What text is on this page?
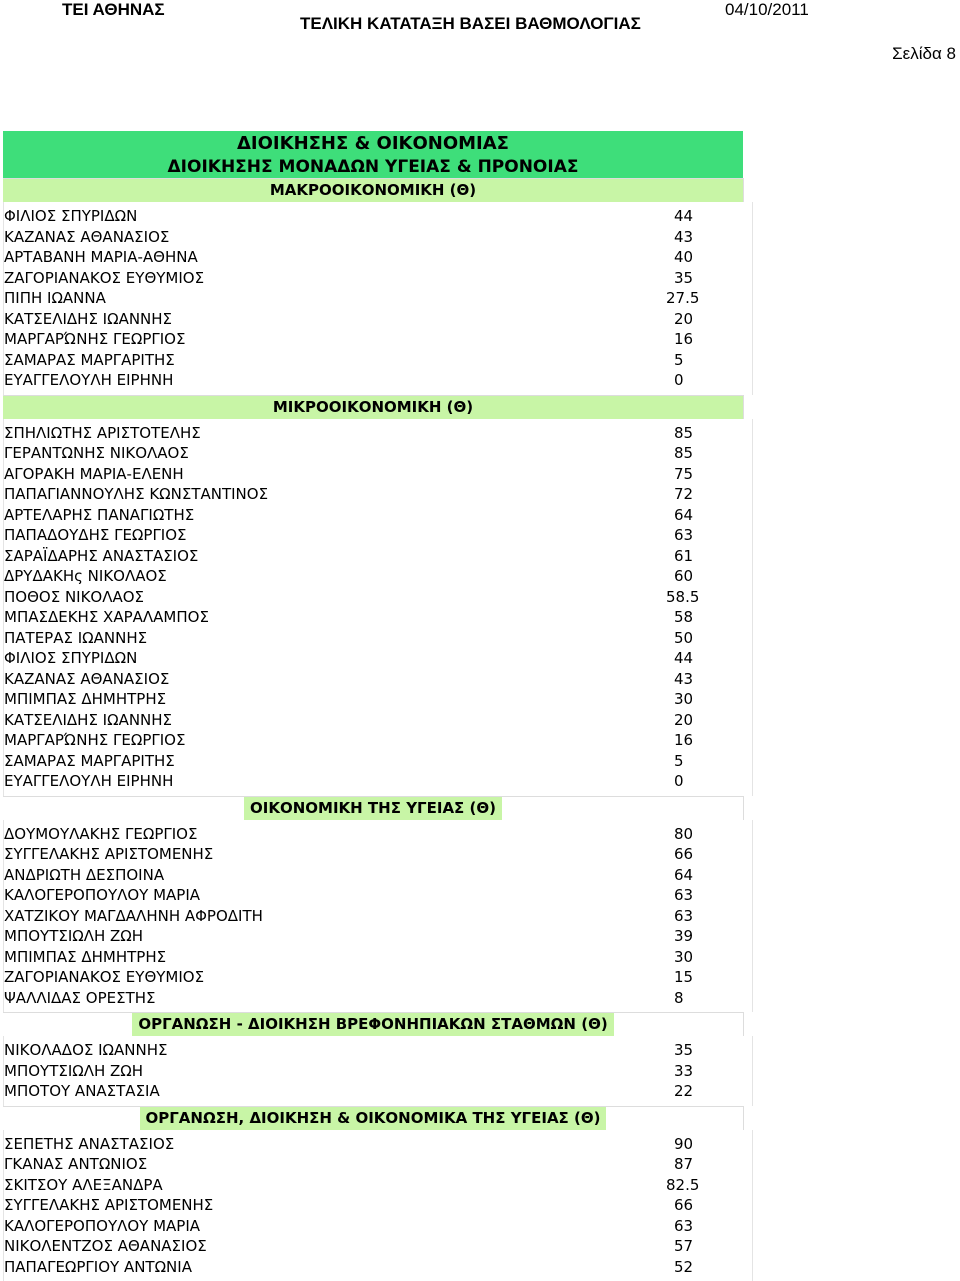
ΤΕΙ ΑΘΗΝΑΣ
ΤΕΛΙΚΗ ΚΑΤΑΤΑΞΗ ΒΑΣΕΙ ΒΑΘΜΟΛΟΓΙΑΣ
04/10/2011
Σελίδα 8
ΔΙΟΙΚΗΣΗΣ & ΟΙΚΟΝΟΜΙΑΣ
ΔΙΟΙΚΗΣΗΣ ΜΟΝΑΔΩΝ ΥΓΕΙΑΣ & ΠΡΟΝΟΙΑΣ
ΜΑΚΡΟΟΙΚΟΝΟΜΙΚΗ (Θ)
ΦΙΛΙΟΣ ΣΠΥΡΙΔΩΝ	44
ΚΑΖΑΝΑΣ ΑΘΑΝΑΣΙΟΣ	43
ΑΡΤΑΒΑΝΗ ΜΑΡΙΑ-ΑΘΗΝΑ	40
ΖΑΓΟΡΙΑΝΑΚΟΣ ΕΥΘΥΜΙΟΣ	35
ΠΙΠΗ ΙΩΑΝΝΑ	27.5
ΚΑΤΣΕΛΙΔΗΣ ΙΩΑΝΝΗΣ	20
ΜΑΡΓΑΡΏΝΗΣ ΓΕΩΡΓΙΟΣ	16
ΣΑΜΑΡΑΣ ΜΑΡΓΑΡΙΤΗΣ	5
ΕΥΑΓΓΕΛΟΥΛΗ ΕΙΡΗΝΗ	0
ΜΙΚΡΟΟΙΚΟΝΟΜΙΚΗ (Θ)
ΣΠΗΛΙΩΤΗΣ ΑΡΙΣΤΟΤΕΛΗΣ	85
ΓΕΡΑΝΤΩΝΗΣ ΝΙΚΟΛΑΟΣ	85
ΑΓΟΡΑΚΗ ΜΑΡΙΑ-ΕΛΕΝΗ	75
ΠΑΠΑΓΙΑΝΝΟΥΛΗΣ ΚΩΝΣΤΑΝΤΙΝΟΣ	72
ΑΡΤΕΛΑΡΗΣ ΠΑΝΑΓΙΩΤΗΣ	64
ΠΑΠΑΔΟΥΔΗΣ ΓΕΩΡΓΙΟΣ	63
ΣΑΡΑΪΔΑΡΗΣ ΑΝΑΣΤΑΣΙΟΣ	61
ΔΡΥΔΑΚΗς ΝΙΚΟΛΑΟΣ	60
ΠΟΘΟΣ ΝΙΚΟΛΑΟΣ	58.5
ΜΠΑΣΔΕΚΗΣ ΧΑΡΑΛΑΜΠΟΣ	58
ΠΑΤΕΡΑΣ ΙΩΑΝΝΗΣ	50
ΦΙΛΙΟΣ ΣΠΥΡΙΔΩΝ	44
ΚΑΖΑΝΑΣ ΑΘΑΝΑΣΙΟΣ	43
ΜΠΙΜΠΑΣ ΔΗΜΗΤΡΗΣ	30
ΚΑΤΣΕΛΙΔΗΣ ΙΩΑΝΝΗΣ	20
ΜΑΡΓΑΡΏΝΗΣ ΓΕΩΡΓΙΟΣ	16
ΣΑΜΑΡΑΣ ΜΑΡΓΑΡΙΤΗΣ	5
ΕΥΑΓΓΕΛΟΥΛΗ ΕΙΡΗΝΗ	0
ΟΙΚΟΝΟΜΙΚΗ ΤΗΣ ΥΓΕΙΑΣ (Θ)
ΔΟΥΜΟΥΛΑΚΗΣ ΓΕΩΡΓΙΟΣ	80
ΣΥΓΓΕΛΑΚΗΣ ΑΡΙΣΤΟΜΕΝΗΣ	66
ΑΝΔΡΙΩΤΗ ΔΕΣΠΟΙΝΑ	64
ΚΑΛΟΓΕΡΟΠΟΥΛΟΥ ΜΑΡΙΑ	63
ΧΑΤΖΙΚΟΥ ΜΑΓΔΑΛΗΝΗ ΑΦΡΟΔΙΤΗ	63
ΜΠΟΥΤΣΙΩΛΗ ΖΩΗ	39
ΜΠΙΜΠΑΣ ΔΗΜΗΤΡΗΣ	30
ΖΑΓΟΡΙΑΝΑΚΟΣ ΕΥΘΥΜΙΟΣ	15
ΨΑΛΛΙΔΑΣ ΟΡΕΣΤΗΣ	8
ΟΡΓΑΝΩΣΗ - ΔΙΟΙΚΗΣΗ ΒΡΕΦΟΝΗΠΙΑΚΩΝ ΣΤΑΘΜΩΝ (Θ)
ΝΙΚΟΛΑΔΟΣ ΙΩΑΝΝΗΣ	35
ΜΠΟΥΤΣΙΩΛΗ ΖΩΗ	33
ΜΠΟΤΟΥ ΑΝΑΣΤΑΣΙΑ	22
ΟΡΓΑΝΩΣΗ, ΔΙΟΙΚΗΣΗ & ΟΙΚΟΝΟΜΙΚΑ ΤΗΣ ΥΓΕΙΑΣ (Θ)
ΣΕΠΕΤΗΣ ΑΝΑΣΤΑΣΙΟΣ	90
ΓΚΑΝΑΣ ΑΝΤΩΝΙΟΣ	87
ΣΚΙΤΣΟΥ ΑΛΕΞΑΝΔΡΑ	82.5
ΣΥΓΓΕΛΑΚΗΣ ΑΡΙΣΤΟΜΕΝΗΣ	66
ΚΑΛΟΓΕΡΟΠΟΥΛΟΥ ΜΑΡΙΑ	63
ΝΙΚΟΛΕΝΤΖΟΣ ΑΘΑΝΑΣΙΟΣ	57
ΠΑΠΑΓΕΩΡΓΙΟΥ ΑΝΤΩΝΙΑ	52
